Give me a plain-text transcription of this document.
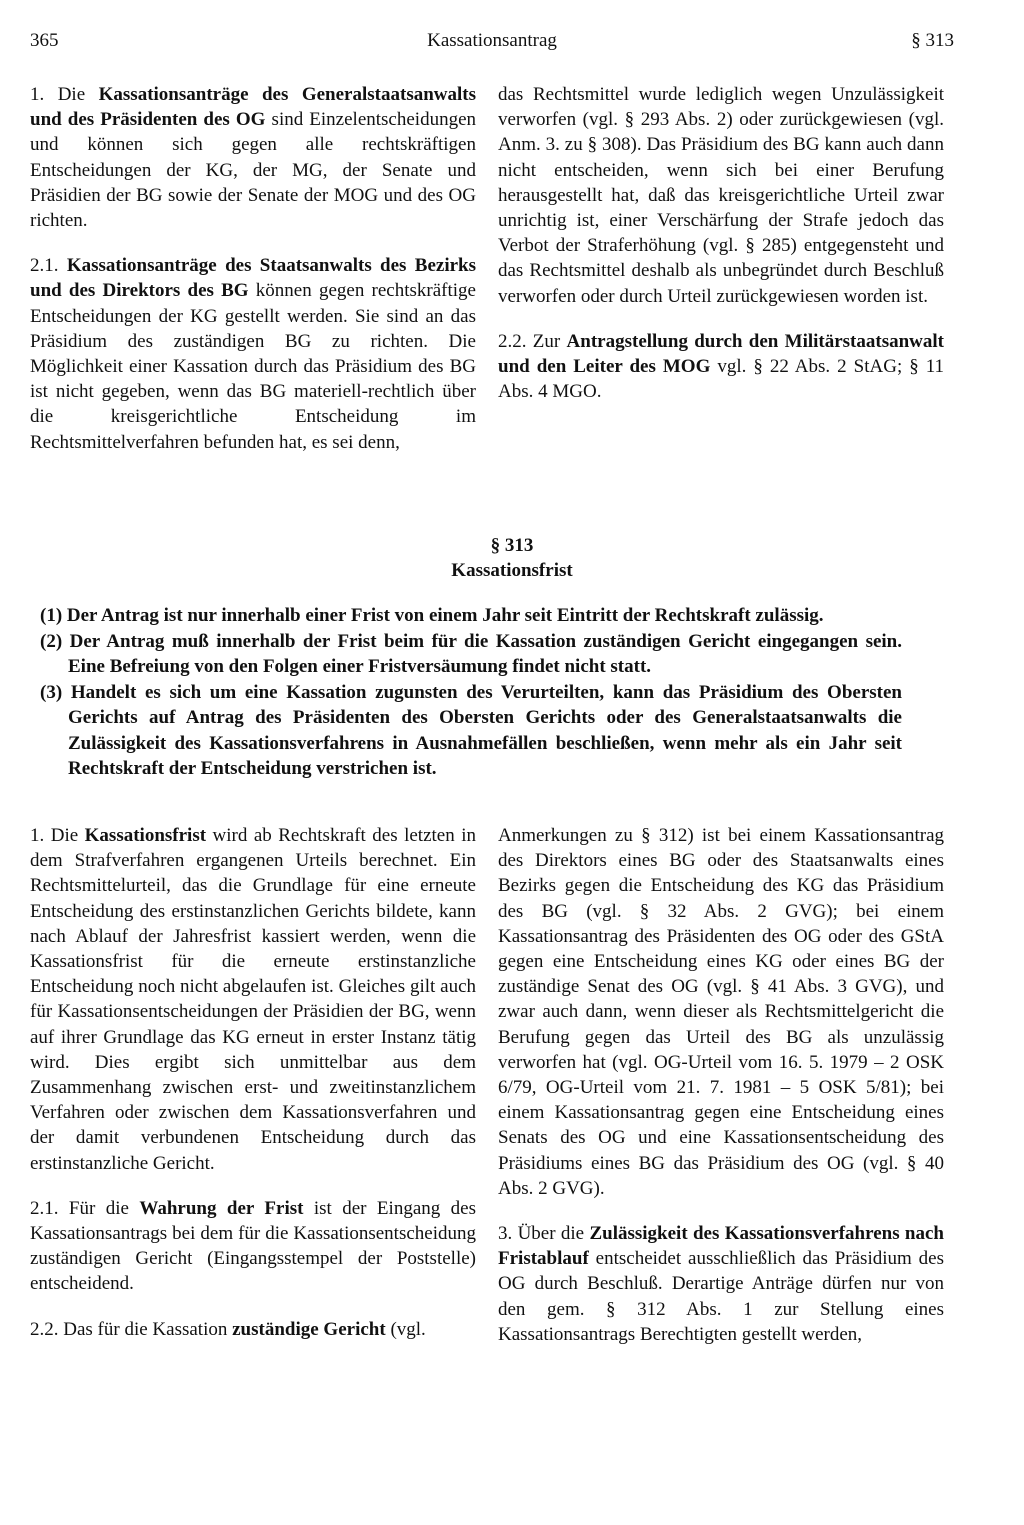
365	Kassationsantrag	§ 313

1. Die Kassationsanträge des Generalstaatsanwalts und des Präsidenten des OG sind Einzelentscheidungen und können sich gegen alle rechtskräftigen Entscheidungen der KG, der MG, der Senate und Präsidien der BG sowie der Senate der MOG und des OG richten.

2.1. Kassationsanträge des Staatsanwalts des Bezirks und des Direktors des BG können gegen rechtskräftige Entscheidungen der KG gestellt werden. Sie sind an das Präsidium des zuständigen BG zu richten. Die Möglichkeit einer Kassation durch das Präsidium des BG ist nicht gegeben, wenn das BG materiell-rechtlich über die kreisgerichtliche Entscheidung im Rechtsmittelverfahren befunden hat, es sei denn,

das Rechtsmittel wurde lediglich wegen Unzulässigkeit verworfen (vgl. § 293 Abs. 2) oder zurückgewiesen (vgl. Anm. 3. zu § 308). Das Präsidium des BG kann auch dann nicht entscheiden, wenn sich bei einer Berufung herausgestellt hat, daß das kreisgerichtliche Urteil zwar unrichtig ist, einer Verschärfung der Strafe jedoch das Verbot der Straferhöhung (vgl. § 285) entgegensteht und das Rechtsmittel deshalb als unbegründet durch Beschluß verworfen oder durch Urteil zurückgewiesen worden ist.

2.2. Zur Antragstellung durch den Militärstaatsanwalt und den Leiter des MOG vgl. § 22 Abs. 2 StAG; § 11 Abs. 4 MGO.

§ 313
Kassationsfrist

(1) Der Antrag ist nur innerhalb einer Frist von einem Jahr seit Eintritt der Rechtskraft zulässig.

(2) Der Antrag muß innerhalb der Frist beim für die Kassation zuständigen Gericht eingegangen sein. Eine Befreiung von den Folgen einer Fristversäumung findet nicht statt.

(3) Handelt es sich um eine Kassation zugunsten des Verurteilten, kann das Präsidium des Obersten Gerichts auf Antrag des Präsidenten des Obersten Gerichts oder des Generalstaatsanwalts die Zulässigkeit des Kassationsverfahrens in Ausnahmefällen beschließen, wenn mehr als ein Jahr seit Rechtskraft der Entscheidung verstrichen ist.

1. Die Kassationsfrist wird ab Rechtskraft des letzten in dem Strafverfahren ergangenen Urteils berechnet. Ein Rechtsmittelurteil, das die Grundlage für eine erneute Entscheidung des erstinstanzlichen Gerichts bildete, kann nach Ablauf der Jahresfrist kassiert werden, wenn die Kassationsfrist für die erneute erstinstanzliche Entscheidung noch nicht abgelaufen ist. Gleiches gilt auch für Kassationsentscheidungen der Präsidien der BG, wenn auf ihrer Grundlage das KG erneut in erster Instanz tätig wird. Dies ergibt sich unmittelbar aus dem Zusammenhang zwischen erst- und zweitinstanzlichem Verfahren oder zwischen dem Kassationsverfahren und der damit verbundenen Entscheidung durch das erstinstanzliche Gericht.

2.1. Für die Wahrung der Frist ist der Eingang des Kassationsantrags bei dem für die Kassationsentscheidung zuständigen Gericht (Eingangsstempel der Poststelle) entscheidend.

2.2. Das für die Kassation zuständige Gericht (vgl.

Anmerkungen zu § 312) ist bei einem Kassationsantrag des Direktors eines BG oder des Staatsanwalts eines Bezirks gegen die Entscheidung des KG das Präsidium des BG (vgl. § 32 Abs. 2 GVG); bei einem Kassationsantrag des Präsidenten des OG oder des GStA gegen eine Entscheidung eines KG oder eines BG der zuständige Senat des OG (vgl. § 41 Abs. 3 GVG), und zwar auch dann, wenn dieser als Rechtsmittelgericht die Berufung gegen das Urteil des BG als unzulässig verworfen hat (vgl. OG-Urteil vom 16. 5. 1979 – 2 OSK 6/79, OG-Urteil vom 21. 7. 1981 – 5 OSK 5/81); bei einem Kassationsantrag gegen eine Entscheidung eines Senats des OG und eine Kassationsentscheidung des Präsidiums eines BG das Präsidium des OG (vgl. § 40 Abs. 2 GVG).

3. Über die Zulässigkeit des Kassationsverfahrens nach Fristablauf entscheidet ausschließlich das Präsidium des OG durch Beschluß. Derartige Anträge dürfen nur von den gem. § 312 Abs. 1 zur Stellung eines Kassationsantrags Berechtigten gestellt werden,
